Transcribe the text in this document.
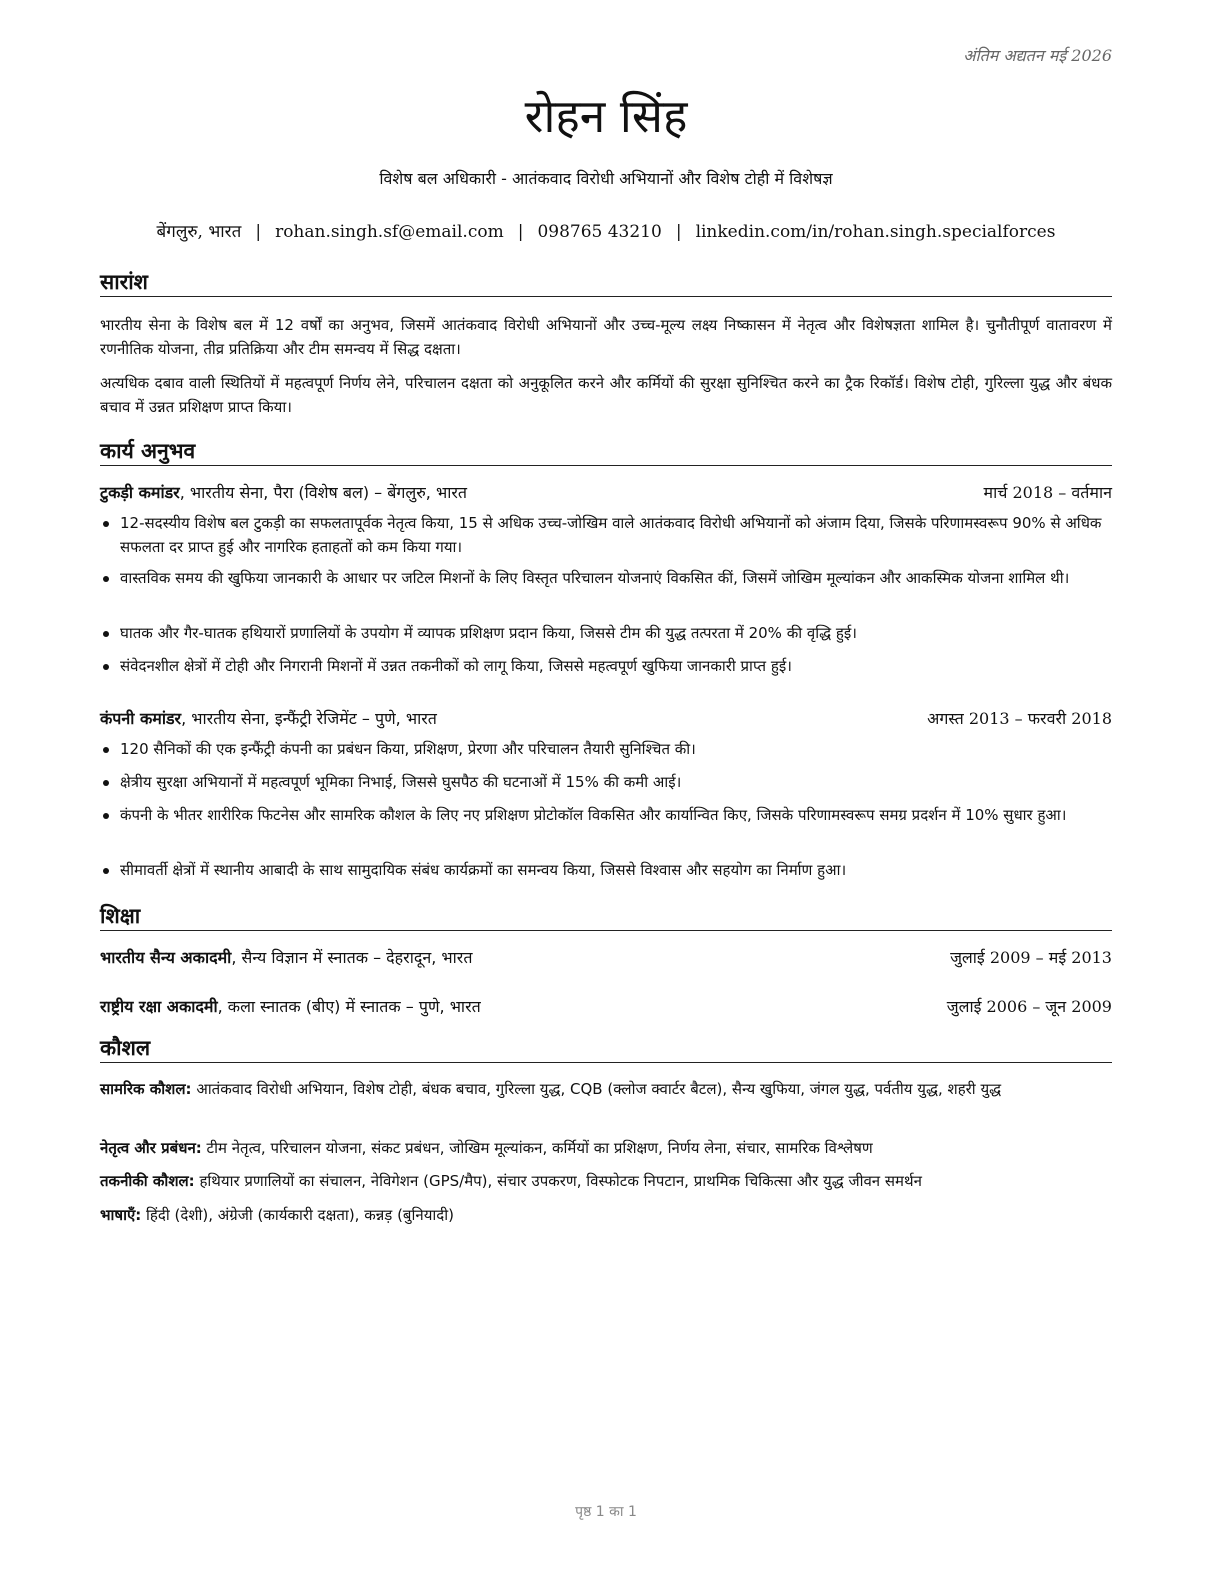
अंतिम अद्यतन मई 2026
रोहन सिंह
विशेष बल अधिकारी - आतंकवाद विरोधी अभियानों और विशेष टोही में विशेषज्ञ
बेंगलुरु, भारत | rohan.singh.sf@email.com | 098765 43210 | linkedin.com/in/rohan.singh.specialforces
सारांश
भारतीय सेना के विशेष बल में 12 वर्षों का अनुभव, जिसमें आतंकवाद विरोधी अभियानों और उच्च-मूल्य लक्ष्य निष्कासन में नेतृत्व और विशेषज्ञता शामिल है। चुनौतीपूर्ण वातावरण में रणनीतिक योजना, तीव्र प्रतिक्रिया और टीम समन्वय में सिद्ध दक्षता।
अत्यधिक दबाव वाली स्थितियों में महत्वपूर्ण निर्णय लेने, परिचालन दक्षता को अनुकूलित करने और कर्मियों की सुरक्षा सुनिश्चित करने का ट्रैक रिकॉर्ड। विशेष टोही, गुरिल्ला युद्ध और बंधक बचाव में उन्नत प्रशिक्षण प्राप्त किया।
कार्य अनुभव
टुकड़ी कमांडर, भारतीय सेना, पैरा (विशेष बल) – बेंगलुरु, भारत	मार्च 2018 – वर्तमान
12-सदस्यीय विशेष बल टुकड़ी का सफलतापूर्वक नेतृत्व किया, 15 से अधिक उच्च-जोखिम वाले आतंकवाद विरोधी अभियानों को अंजाम दिया, जिसके परिणामस्वरूप 90% से अधिक सफलता दर प्राप्त हुई और नागरिक हताहतों को कम किया गया।
वास्तविक समय की खुफिया जानकारी के आधार पर जटिल मिशनों के लिए विस्तृत परिचालन योजनाएं विकसित कीं, जिसमें जोखिम मूल्यांकन और आकस्मिक योजना शामिल थी।
घातक और गैर-घातक हथियारों प्रणालियों के उपयोग में व्यापक प्रशिक्षण प्रदान किया, जिससे टीम की युद्ध तत्परता में 20% की वृद्धि हुई।
संवेदनशील क्षेत्रों में टोही और निगरानी मिशनों में उन्नत तकनीकों को लागू किया, जिससे महत्वपूर्ण खुफिया जानकारी प्राप्त हुई।
कंपनी कमांडर, भारतीय सेना, इन्फैंट्री रेजिमेंट – पुणे, भारत	अगस्त 2013 – फरवरी 2018
120 सैनिकों की एक इन्फैंट्री कंपनी का प्रबंधन किया, प्रशिक्षण, प्रेरणा और परिचालन तैयारी सुनिश्चित की।
क्षेत्रीय सुरक्षा अभियानों में महत्वपूर्ण भूमिका निभाई, जिससे घुसपैठ की घटनाओं में 15% की कमी आई।
कंपनी के भीतर शारीरिक फिटनेस और सामरिक कौशल के लिए नए प्रशिक्षण प्रोटोकॉल विकसित और कार्यान्वित किए, जिसके परिणामस्वरूप समग्र प्रदर्शन में 10% सुधार हुआ।
सीमावर्ती क्षेत्रों में स्थानीय आबादी के साथ सामुदायिक संबंध कार्यक्रमों का समन्वय किया, जिससे विश्वास और सहयोग का निर्माण हुआ।
शिक्षा
भारतीय सैन्य अकादमी, सैन्य विज्ञान में स्नातक – देहरादून, भारत	जुलाई 2009 – मई 2013
राष्ट्रीय रक्षा अकादमी, कला स्नातक (बीए) में स्नातक – पुणे, भारत	जुलाई 2006 – जून 2009
कौशल
सामरिक कौशल: आतंकवाद विरोधी अभियान, विशेष टोही, बंधक बचाव, गुरिल्ला युद्ध, CQB (क्लोज क्वार्टर बैटल), सैन्य खुफिया, जंगल युद्ध, पर्वतीय युद्ध, शहरी युद्ध
नेतृत्व और प्रबंधन: टीम नेतृत्व, परिचालन योजना, संकट प्रबंधन, जोखिम मूल्यांकन, कर्मियों का प्रशिक्षण, निर्णय लेना, संचार, सामरिक विश्लेषण
तकनीकी कौशल: हथियार प्रणालियों का संचालन, नेविगेशन (GPS/मैप), संचार उपकरण, विस्फोटक निपटान, प्राथमिक चिकित्सा और युद्ध जीवन समर्थन
भाषाएँ: हिंदी (देशी), अंग्रेजी (कार्यकारी दक्षता), कन्नड़ (बुनियादी)
पृष्ठ 1 का 1
